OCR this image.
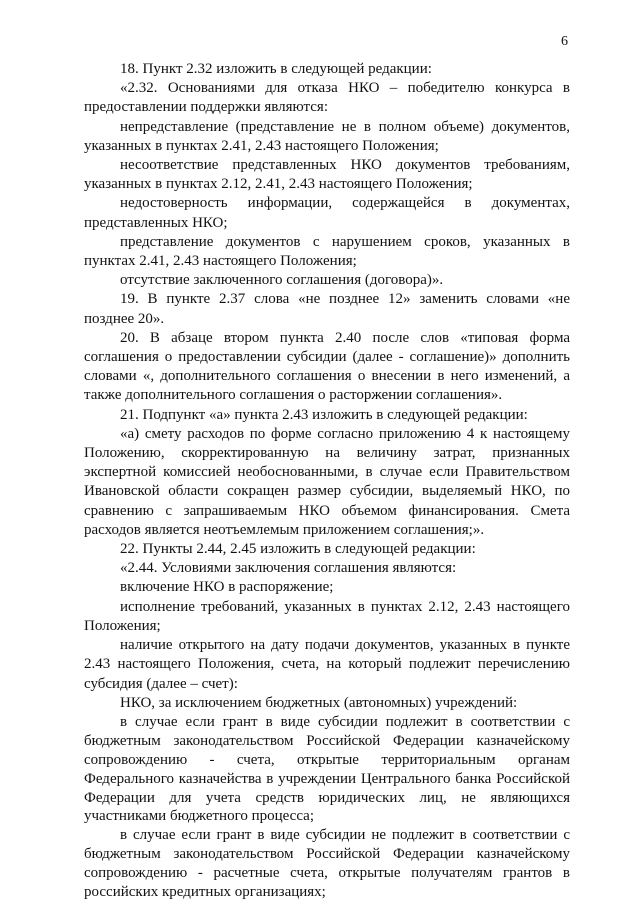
6

18. Пункт 2.32 изложить в следующей редакции:

«2.32. Основаниями для отказа НКО – победителю конкурса в предоставлении поддержки являются:

непредставление (представление не в полном объеме) документов, указанных в пунктах 2.41, 2.43 настоящего Положения;

несоответствие представленных НКО документов требованиям, указанных в пунктах 2.12, 2.41, 2.43 настоящего Положения;

недостоверность информации, содержащейся в документах, представленных НКО;

представление документов с нарушением сроков, указанных в пунктах 2.41, 2.43 настоящего Положения;

отсутствие заключенного соглашения (договора)».

19. В пункте 2.37 слова «не позднее 12» заменить словами «не позднее 20».

20. В абзаце втором пункта 2.40 после слов «типовая форма соглашения о предоставлении субсидии (далее - соглашение)» дополнить словами «, дополнительного соглашения о внесении в него изменений, а также дополнительного соглашения о расторжении соглашения».

21. Подпункт «а» пункта 2.43 изложить в следующей редакции:

«а) смету расходов по форме согласно приложению 4 к настоящему Положению, скорректированную на величину затрат, признанных экспертной комиссией необоснованными, в случае если Правительством Ивановской области сокращен размер субсидии, выделяемый НКО, по сравнению с запрашиваемым НКО объемом финансирования. Смета расходов является неотъемлемым приложением соглашения;».

22. Пункты 2.44, 2.45 изложить в следующей редакции:

«2.44. Условиями заключения соглашения являются:

включение НКО в распоряжение;

исполнение требований, указанных в пунктах 2.12, 2.43 настоящего Положения;

наличие открытого на дату подачи документов, указанных в пункте 2.43 настоящего Положения, счета, на который подлежит перечислению субсидия (далее – счет):

НКО, за исключением бюджетных (автономных) учреждений:

в случае если грант в виде субсидии подлежит в соответствии с бюджетным законодательством Российской Федерации казначейскому сопровождению - счета, открытые территориальным органам Федерального казначейства в учреждении Центрального банка Российской Федерации для учета средств юридических лиц, не являющихся участниками бюджетного процесса;

в случае если грант в виде субсидии не подлежит в соответствии с бюджетным законодательством Российской Федерации казначейскому сопровождению - расчетные счета, открытые получателям грантов в российских кредитных организациях;
